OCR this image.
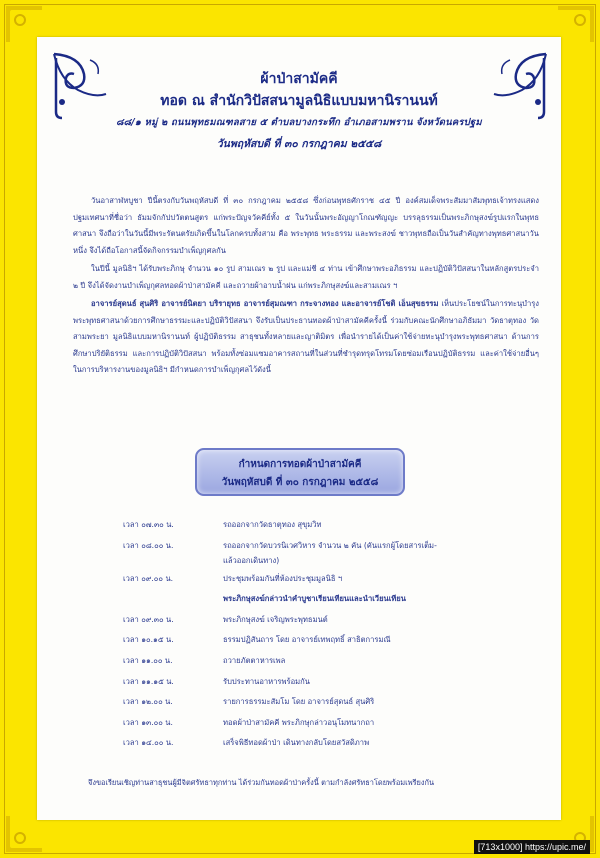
ผ้าป่าสามัคคี
ทอด ณ สำนักวิปัสสนามูลนิธิแบบมหานิรานนท์
๘๘/๑ หมู่ ๒ ถนนพุทธมณฑลสาย ๕ ตำบลบางกระทึก อำเภอสามพราน จังหวัดนครปฐม
วันพฤหัสบดี ที่ ๓๐ กรกฎาคม ๒๕๕๘

วันอาสาฬหบูชา ปีนี้ตรงกับวันพฤหัสบดี ที่ ๓๐ กรกฎาคม ๒๕๕๘ ซึ่งก่อนพุทธศักราช ๔๕ ปี องค์สมเด็จพระสัมมาสัมพุทธเจ้าทรงแสดงปฐมเทศนาที่ชื่อว่า ธัมมจักกัปปวัตตนสูตร แก่พระปัญจวัคคีย์ทั้ง ๕ ในวันนั้นพระอัญญาโกณฑัญญะ บรรลุธรรมเป็นพระภิกษุสงฆ์รูปแรกในพุทธศาสนา จึงถือว่าในวันนี้มีพระรัตนตรัยเกิดขึ้นในโลกครบทั้งสาม คือ พระพุทธ พระธรรม และพระสงฆ์ ชาวพุทธถือเป็นวันสำคัญทางพุทธศาสนาวันหนึ่ง จึงได้ถือโอกาสนี้จัดกิจกรรมบำเพ็ญกุศลกัน

ในปีนี้ มูลนิธิฯ ได้รับพระภิกษุ จำนวน ๑๐ รูป สามเณร ๒ รูป และแม่ชี ๔ ท่าน เข้าศึกษาพระอภิธรรม และปฏิบัติวิปัสสนาในหลักสูตรประจำ ๒ ปี จึงได้จัดงานบำเพ็ญกุศลทอดผ้าป่าสามัคคี และถวายผ้าอาบน้ำฝน แก่พระภิกษุสงฆ์และสามเณร ฯ

อาจารย์สุดนธ์ สุนศิริ อาจารย์นิตยา บริรายุทธ อาจารย์สุมณฑา กระจางทอง และอาจารย์โชติ เอ็นสุขธรรม เห็นประโยชน์ในการทะนุบำรุงพระพุทธศาสนาด้วยการศึกษาธรรมะและปฏิบัติวิปัสสนา จึงรับเป็นประธานทอดผ้าป่าสามัคคีครั้งนี้ ร่วมกับคณะนักศึกษาอภิธัมมา วัดธาตุทอง วัดสามพระยา มูลนิธิแบบมหานิรานนท์ ผู้ปฏิบัติธรรม สาธุชนทั้งหลายและญาติมิตร เพื่อนำรายได้เป็นค่าใช้จ่ายทะนุบำรุงพระพุทธศาสนา ด้านการศึกษาปริยัติธรรม และการปฏิบัติวิปัสสนา พร้อมทั้งซ่อมแซมอาคารสถานที่ในส่วนที่ชำรุดทรุดโทรมโดยซ่อมเรือนปฏิบัติธรรม และค่าใช้จ่ายอื่นๆ ในการบริหารงานของมูลนิธิฯ มีกำหนดการบำเพ็ญกุศลไว้ดังนี้

กำหนดการทอดผ้าป่าสามัคคี
วันพฤหัสบดี ที่ ๓๐ กรกฎาคม ๒๕๕๘
เวลา ๐๗.๓๐ น.	รถออกจากวัดธาตุทอง สุขุมวิท
เวลา ๐๘.๐๐ น.	รถออกจากวัดบวรนิเวศวิหาร จำนวน ๒ คัน (คันแรกผู้โดยสารเต็ม-
แล้วออกเดินทาง)
เวลา ๐๙.๐๐ น.	ประชุมพร้อมกันที่ห้องประชุมมูลนิธิ ฯ
พระภิกษุสงฆ์กล่าวนำคำบูชาเรียนเทียนและนำเวียนเทียน
เวลา ๐๙.๓๐ น.	พระภิกษุสงฆ์ เจริญพระพุทธมนต์
เวลา ๑๐.๑๕ น.	ธรรมปฏิสันถาร โดย อาจารย์เทพฤทธิ์ สาธิตการมณี
เวลา ๑๑.๐๐ น.	ถวายภัตตาหารเพล
เวลา ๑๑.๑๕ น.	รับประทานอาหารพร้อมกัน
เวลา ๑๒.๐๐ น.	รายการธรรมะสัมโม โดย อาจารย์สุดนธ์ สุนศิริ
เวลา ๑๓.๐๐ น.	ทอดผ้าป่าสามัคคี พระภิกษุกล่าวอนุโมทนากถา
เวลา ๑๔.๐๐ น.	เสร็จพิธีทอดผ้าป่า เดินทางกลับโดยสวัสดิภาพ
จึงขอเรียนเชิญท่านสาธุชนผู้มีจิตศรัทธาทุกท่าน ได้ร่วมกันทอดผ้าป่าครั้งนี้ ตามกำลังศรัทธาโดยพร้อมเพรียงกัน
[713x1000] https://upic.me/
